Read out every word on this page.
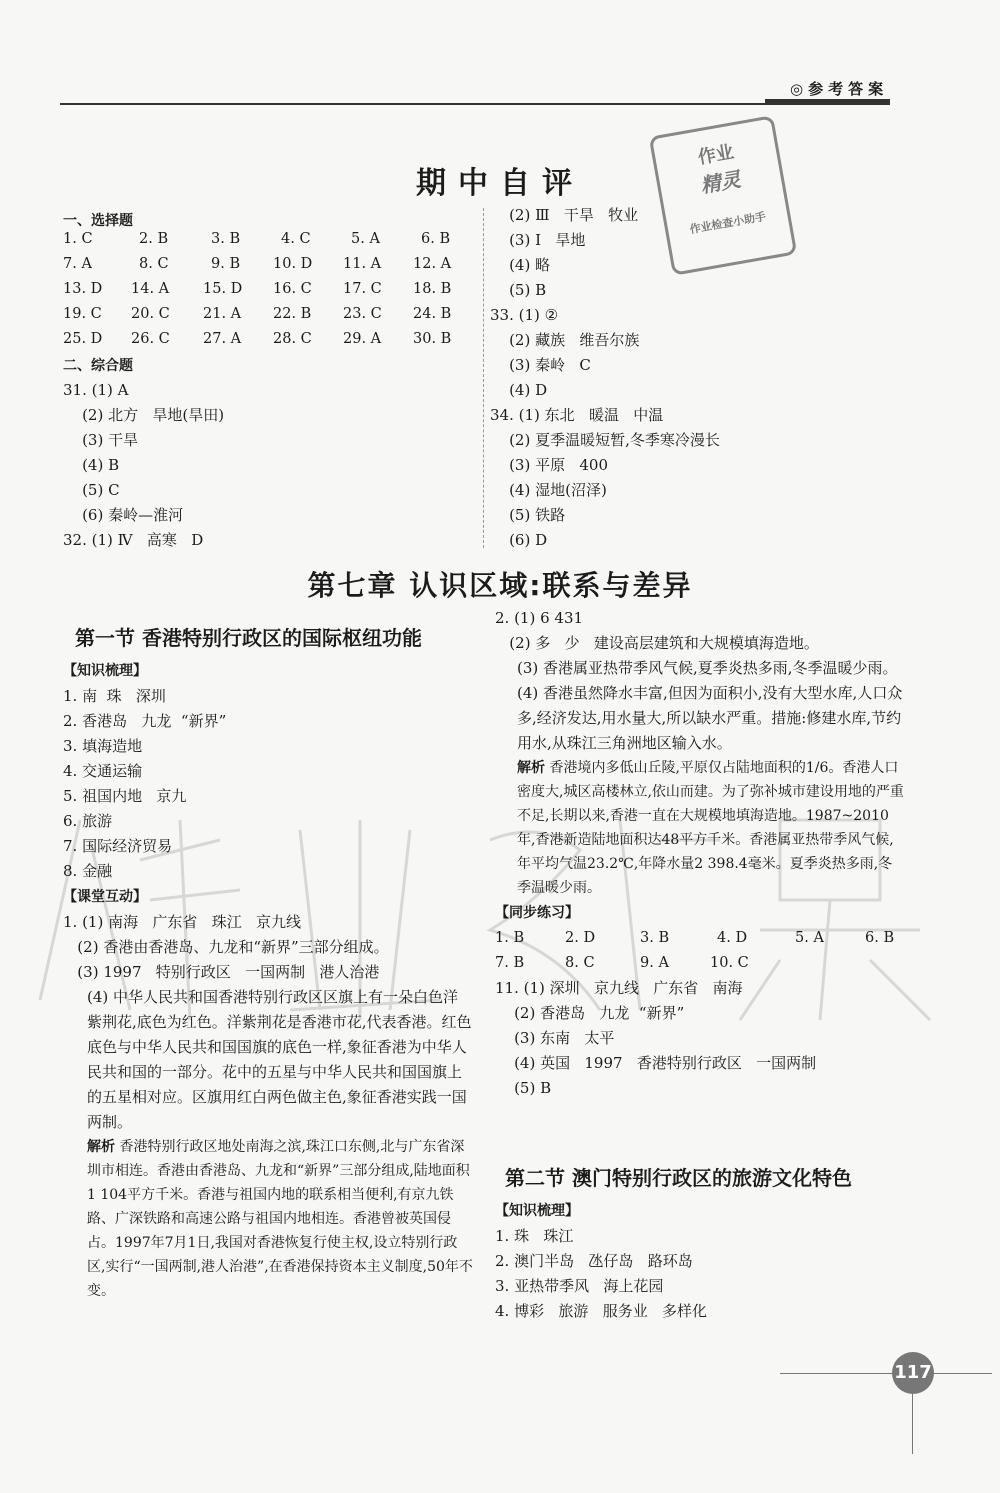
◎参考答案
作业
精灵
作业检查小助手
期中自评
一、选择题
1. C	2. B	3. B	4. C	5. A	6. B
7. A	8. C	9. B 10. D 11. A 12. A
13. D 14. A 15. D 16. C 17. C 18. B
19. C 20. C 21. A 22. B 23. C 24. B
25. D 26. C 27. A 28. C 29. A 30. B
二、综合题
31. (1) A
(2) 北方   旱地(旱田)
(3) 干旱
(4) B
(5) C
(6) 秦岭—淮河
32. (1) Ⅳ   高寒   D
(2) Ⅲ   干旱   牧业
(3) Ⅰ   旱地
(4) 略
(5) B
33. (1) ②
(2) 藏族   维吾尔族
(3) 秦岭   C
(4) D
34. (1) 东北   暖温   中温
(2) 夏季温暖短暂,冬季寒冷漫长
(3) 平原   400
(4) 湿地(沼泽)
(5) 铁路
(6) D
第七章 认识区域:联系与差异
第一节 香港特别行政区的国际枢纽功能
【知识梳理】
1. 南  珠   深圳
2. 香港岛   九龙  “新界”
3. 填海造地
4. 交通运输
5. 祖国内地   京九
6. 旅游
7. 国际经济贸易
8. 金融
【课堂互动】
1. (1) 南海   广东省   珠江   京九线
(2) 香港由香港岛、九龙和“新界”三部分组成。
(3) 1997   特别行政区   一国两制   港人治港
(4) 中华人民共和国香港特别行政区区旗上有一朵白色洋紫荆花,底色为红色。洋紫荆花是香港市花,代表香港。红色底色与中华人民共和国国旗的底色一样,象征香港为中华人民共和国的一部分。花中的五星与中华人民共和国国旗上的五星相对应。区旗用红白两色做主色,象征香港实践一国两制。
解析 香港特别行政区地处南海之滨,珠江口东侧,北与广东省深圳市相连。香港由香港岛、九龙和“新界”三部分组成,陆地面积1 104平方千米。香港与祖国内地的联系相当便利,有京九铁路、广深铁路和高速公路与祖国内地相连。香港曾被英国侵占。1997年7月1日,我国对香港恢复行使主权,设立特别行政区,实行“一国两制,港人治港”,在香港保持资本主义制度,50年不变。
2. (1) 6 431
(2) 多   少   建设高层建筑和大规模填海造地。
(3) 香港属亚热带季风气候,夏季炎热多雨,冬季温暖少雨。
(4) 香港虽然降水丰富,但因为面积小,没有大型水库,人口众多,经济发达,用水量大,所以缺水严重。措施:修建水库,节约用水,从珠江三角洲地区输入水。
解析 香港境内多低山丘陵,平原仅占陆地面积的1/6。香港人口密度大,城区高楼林立,依山而建。为了弥补城市建设用地的严重不足,长期以来,香港一直在大规模地填海造地。1987~2010年,香港新造陆地面积达48平方千米。香港属亚热带季风气候,年平均气温23.2℃,年降水量2 398.4毫米。夏季炎热多雨,冬季温暖少雨。
【同步练习】
1. B	2. D	3. B	4. D	5. A	6. B
7. B	8. C	9. A	10. C
11. (1) 深圳   京九线   广东省   南海
(2) 香港岛   九龙  “新界”
(3) 东南   太平
(4) 英国   1997   香港特别行政区   一国两制
(5) B
第二节 澳门特别行政区的旅游文化特色
【知识梳理】
1. 珠   珠江
2. 澳门半岛   氹仔岛   路环岛
3. 亚热带季风   海上花园
4. 博彩   旅游   服务业   多样化
117
